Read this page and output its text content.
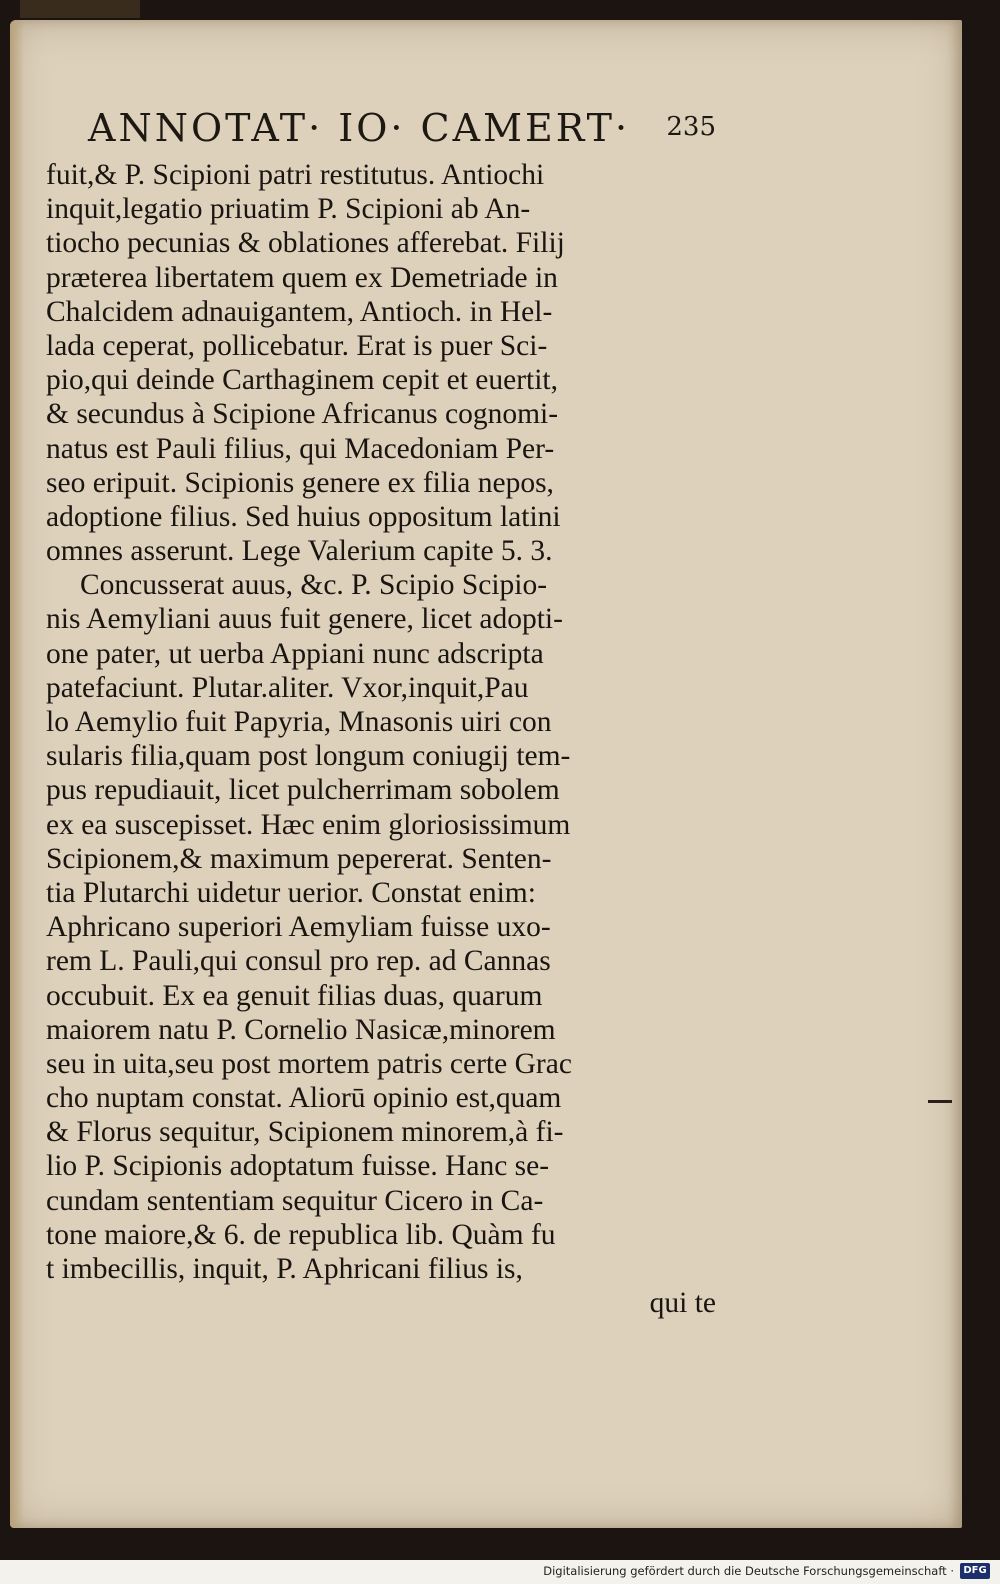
ANNOTAT· IO· CAMERT· 235
fuit,& P. Scipioni patri restitutus. Antiochi
inquit,legatio priuatim P. Scipioni ab An-
tiocho pecunias & oblationes afferebat. Filij
præterea libertatem quem ex Demetriade in
Chalcidem adnauigantem, Antioch. in Hel-
lada ceperat, pollicebatur. Erat is puer Sci-
pio,qui deinde Carthaginem cepit et euertit,
& secundus à Scipione Africanus cognomi-
natus est Pauli filius, qui Macedoniam Per-
seo eripuit. Scipionis genere ex filia nepos,
adoptione filius. Sed huius oppositum latini
omnes asserunt. Lege Valerium capite 5. 3.
Concusserat auus, &c. P. Scipio Scipio-
nis Aemyliani auus fuit genere, licet adopti-
one pater, ut uerba Appiani nunc adscripta
patefaciunt. Plutar.aliter. Vxor,inquit,Pau
lo Aemylio fuit Papyria, Mnasonis uiri con
sularis filia,quam post longum coniugij tem-
pus repudiauit, licet pulcherrimam sobolem
ex ea suscepisset. Hæc enim gloriosissimum
Scipionem,& maximum pepererat. Senten-
tia Plutarchi uidetur uerior. Constat enim:
Aphricano superiori Aemyliam fuisse uxo-
rem L. Pauli,qui consul pro rep. ad Cannas
occubuit. Ex ea genuit filias duas, quarum
maiorem natu P. Cornelio Nasicæ,minorem
seu in uita,seu post mortem patris certe Grac
cho nuptam constat. Aliorū opinio est,quam
& Florus sequitur, Scipionem minorem,à fi-
lio P. Scipionis adoptatum fuisse. Hanc se-
cundam sententiam sequitur Cicero in Ca-
tone maiore,& 6. de republica lib. Quàm fu
t imbecillis, inquit, P. Aphricani filius is,
qui te
Digitalisierung gefördert durch die Deutsche Forschungsgemeinschaft · DFG
